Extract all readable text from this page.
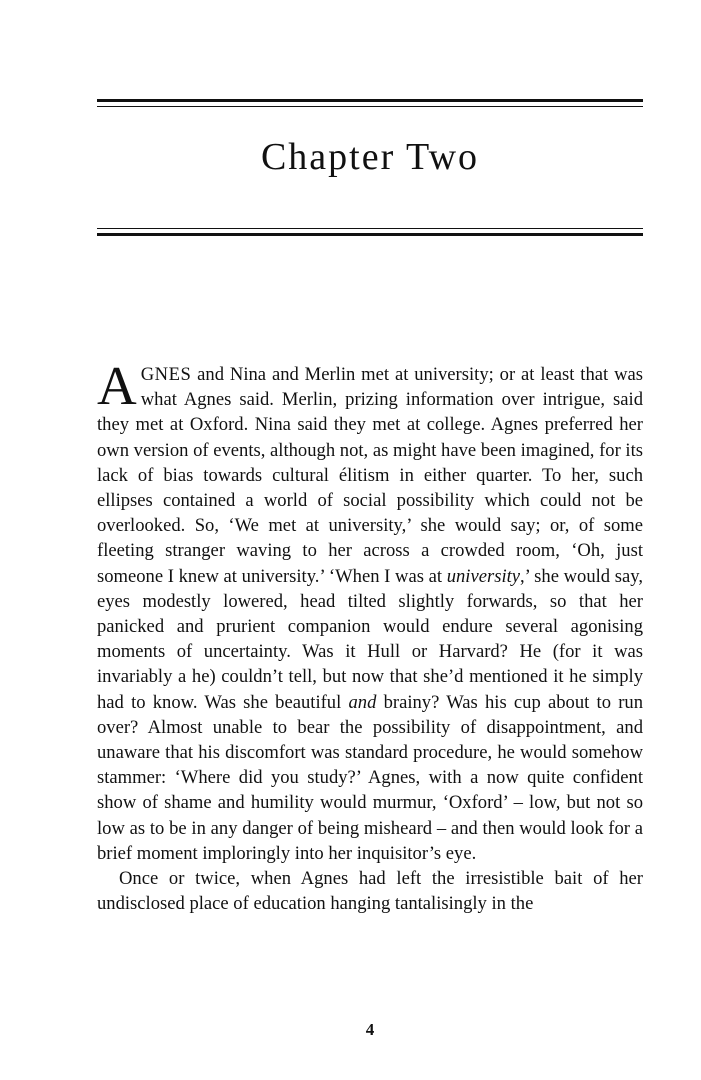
Chapter Two

AGNES and Nina and Merlin met at university; or at least that was what Agnes said. Merlin, prizing information over intrigue, said they met at Oxford. Nina said they met at college. Agnes preferred her own version of events, although not, as might have been imagined, for its lack of bias towards cultural élitism in either quarter. To her, such ellipses contained a world of social possibility which could not be overlooked. So, ‘We met at university,’ she would say; or, of some fleeting stranger waving to her across a crowded room, ‘Oh, just someone I knew at university.’ ‘When I was at university,’ she would say, eyes modestly lowered, head tilted slightly forwards, so that her panicked and prurient companion would endure several agonising moments of uncertainty. Was it Hull or Harvard? He (for it was invariably a he) couldn’t tell, but now that she’d mentioned it he simply had to know. Was she beautiful and brainy? Was his cup about to run over? Almost unable to bear the possibility of disappointment, and unaware that his discomfort was standard procedure, he would somehow stammer: ‘Where did you study?’ Agnes, with a now quite confident show of shame and humility would murmur, ‘Oxford’ – low, but not so low as to be in any danger of being misheard – and then would look for a brief moment imploringly into her inquisitor’s eye.

Once or twice, when Agnes had left the irresistible bait of her undisclosed place of education hanging tantalisingly in the

4
